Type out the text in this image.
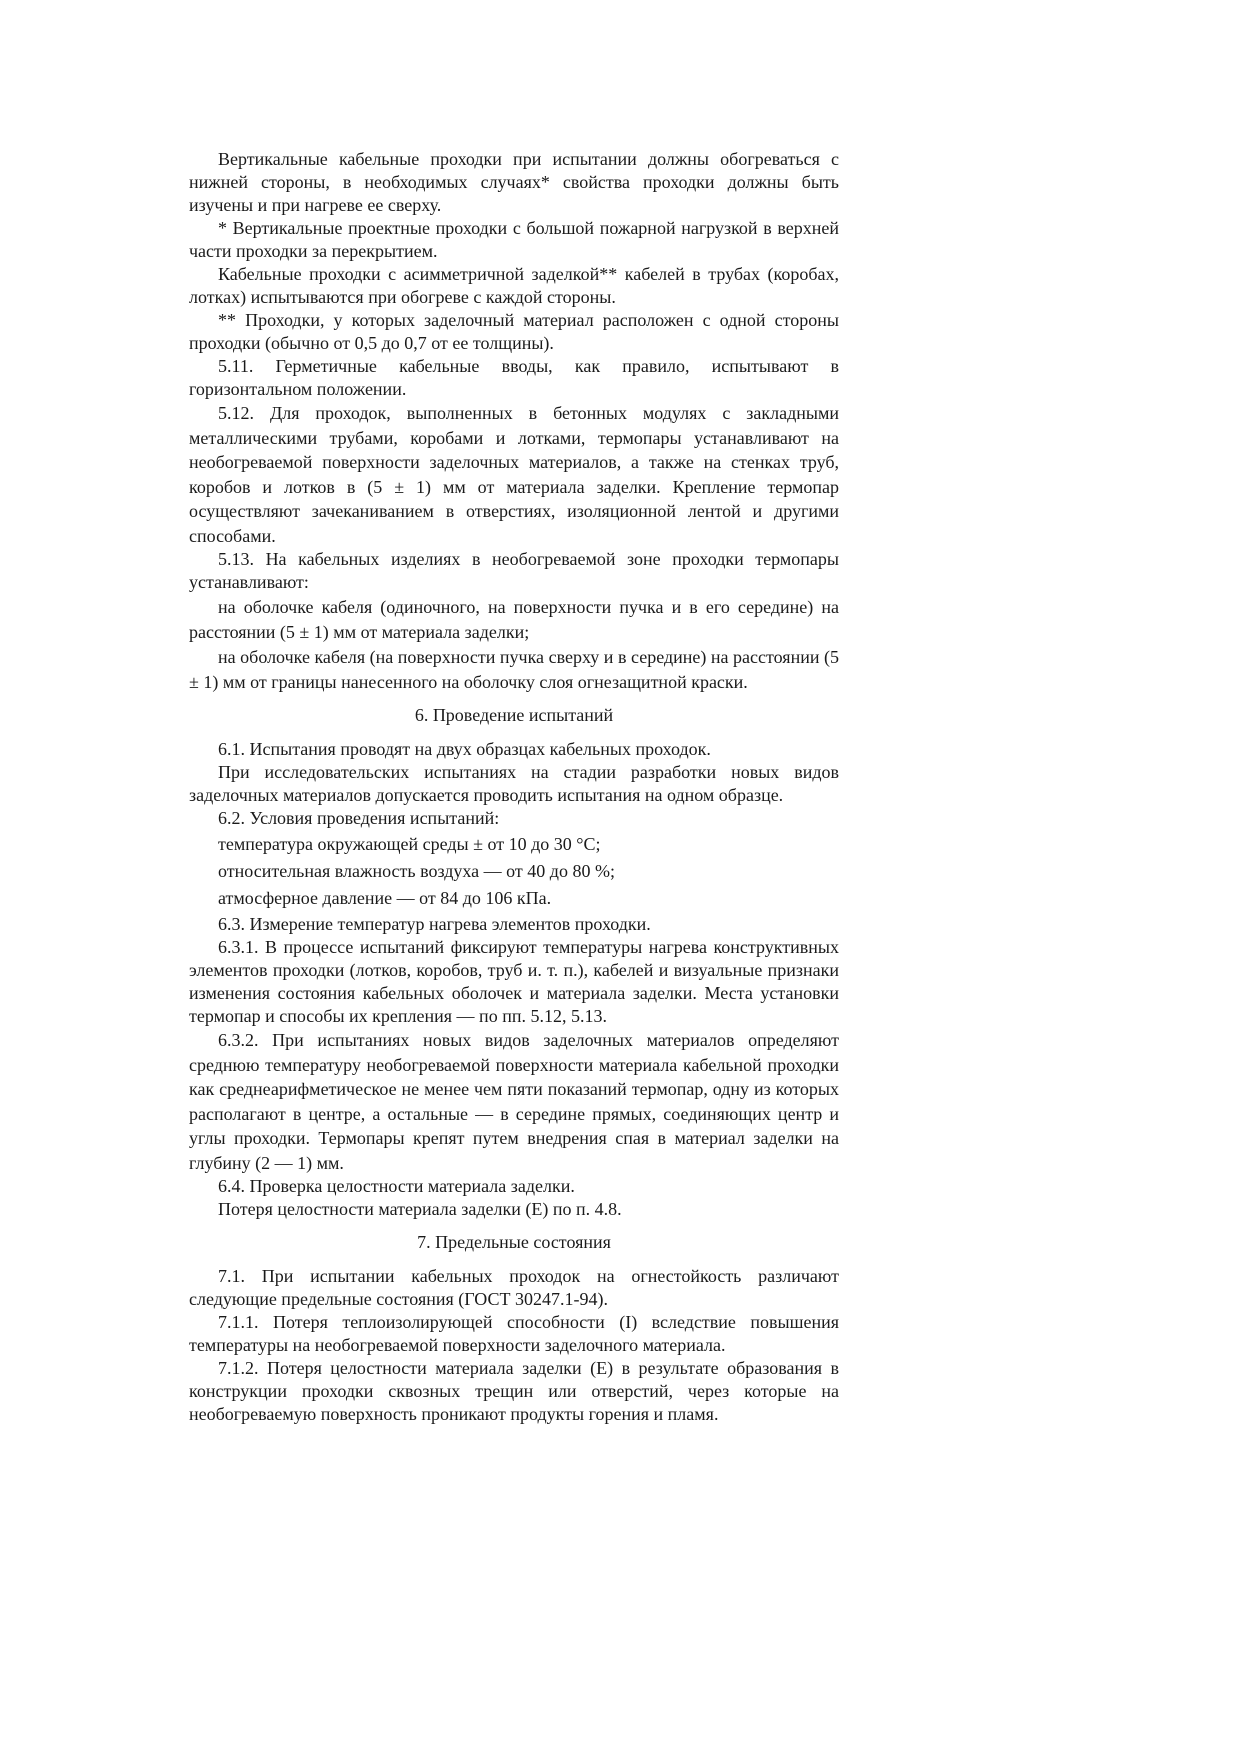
Вертикальные кабельные проходки при испытании должны обогреваться с нижней стороны, в необходимых случаях* свойства проходки должны быть изучены и при нагреве ее сверху.

* Вертикальные проектные проходки с большой пожарной нагрузкой в верхней части проходки за перекрытием.

Кабельные проходки с асимметричной заделкой** кабелей в трубах (коробах, лотках) испытываются при обогреве с каждой стороны.

** Проходки, у которых заделочный материал расположен с одной стороны проходки (обычно от 0,5 до 0,7 от ее толщины).

5.11. Герметичные кабельные вводы, как правило, испытывают в горизонтальном положении.

5.12. Для проходок, выполненных в бетонных модулях с закладными металлическими трубами, коробами и лотками, термопары устанавливают на необогреваемой поверхности заделочных материалов, а также на стенках труб, коробов и лотков в (5 ± 1) мм от материала заделки. Крепление термопар осуществляют зачеканиванием в отверстиях, изоляционной лентой и другими способами.

5.13. На кабельных изделиях в необогреваемой зоне проходки термопары устанавливают:

на оболочке кабеля (одиночного, на поверхности пучка и в его середине) на расстоянии (5 ± 1) мм от материала заделки;

на оболочке кабеля (на поверхности пучка сверху и в середине) на расстоянии (5 ± 1) мм от границы нанесенного на оболочку слоя огнезащитной краски.

6. Проведение испытаний

6.1. Испытания проводят на двух образцах кабельных проходок.

При исследовательских испытаниях на стадии разработки новых видов заделочных материалов допускается проводить испытания на одном образце.

6.2. Условия проведения испытаний:

температура окружающей среды ± от 10 до 30 °С;

относительная влажность воздуха — от 40 до 80 %;

атмосферное давление — от 84 до 106 кПа.

6.3. Измерение температур нагрева элементов проходки.

6.3.1. В процессе испытаний фиксируют температуры нагрева конструктивных элементов проходки (лотков, коробов, труб и. т. п.), кабелей и визуальные признаки изменения состояния кабельных оболочек и материала заделки. Места установки термопар и способы их крепления — по пп. 5.12, 5.13.

6.3.2. При испытаниях новых видов заделочных материалов определяют среднюю температуру необогреваемой поверхности материала кабельной проходки как среднеарифметическое не менее чем пяти показаний термопар, одну из которых располагают в центре, а остальные — в середине прямых, соединяющих центр и углы проходки. Термопары крепят путем внедрения спая в материал заделки на глубину (2 — 1) мм.

6.4. Проверка целостности материала заделки.

Потеря целостности материала заделки (Е) по п. 4.8.

7. Предельные состояния

7.1. При испытании кабельных проходок на огнестойкость различают следующие предельные состояния (ГОСТ 30247.1-94).

7.1.1. Потеря теплоизолирующей способности (I) вследствие повышения температуры на необогреваемой поверхности заделочного материала.

7.1.2. Потеря целостности материала заделки (Е) в результате образования в конструкции проходки сквозных трещин или отверстий, через которые на необогреваемую поверхность проникают продукты горения и пламя.
